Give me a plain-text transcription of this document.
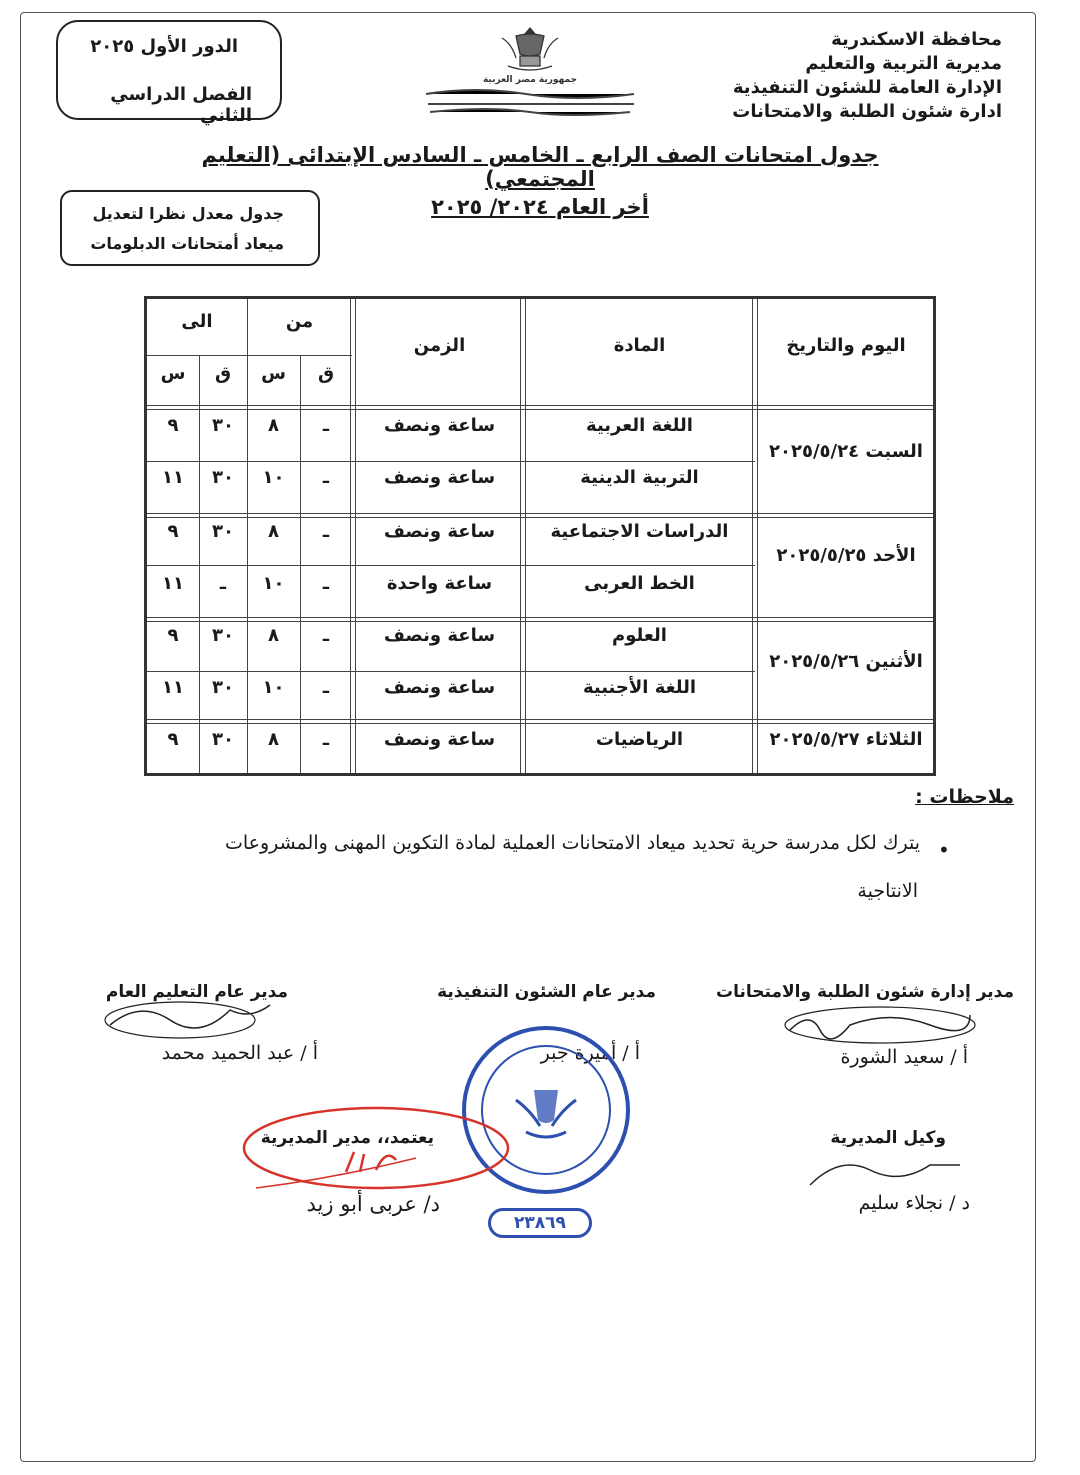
محافظة الاسكندرية
مديرية التربية والتعليم
الإدارة العامة للشئون التنفيذية
ادارة شئون الطلبة والامتحانات
جمهورية مصر العربية
الدور الأول ٢٠٢٥
الفصل الدراسي الثاني
جدول امتحانات الصف الرابع ـ الخامس ـ السادس الإبتدائى (التعليم المجتمعي)
أخر العام ٢٠٢٤/ ٢٠٢٥
جدول معدل نظرا لتعديل
ميعاد أمتحانات الدبلومات
اليوم والتاريخ
المادة
الزمن
من
الى
ق
س
ق
س
السبت ٢٠٢٥/٥/٢٤
الأحد ٢٠٢٥/٥/٢٥
الأثنين ٢٠٢٥/٥/٢٦
الثلاثاء ٢٠٢٥/٥/٢٧
اللغة العربية
ساعة ونصف
ـ
٨
٣٠
٩
التربية الدينية
ساعة ونصف
ـ
١٠
٣٠
١١
الدراسات الاجتماعية
ساعة ونصف
ـ
٨
٣٠
٩
الخط العربى
ساعة واحدة
ـ
١٠
ـ
١١
العلوم
ساعة ونصف
ـ
٨
٣٠
٩
اللغة الأجنبية
ساعة ونصف
ـ
١٠
٣٠
١١
الرياضيات
ساعة ونصف
ـ
٨
٣٠
٩
ملاحظات :
•
يترك لكل مدرسة حرية تحديد ميعاد الامتحانات العملية لمادة التكوين المهنى والمشروعات
الانتاجية
مدير إدارة شئون الطلبة والامتحانات
أ / سعيد الشورة
مدير عام الشئون التنفيذية
أ / أميرة جبر
مدير عام التعليم العام
أ / عبد الحميد محمد
٢٣٨٦٩
وكيل المديرية
د / نجلاء سليم
يعتمد،، مدير المديرية
د/ عربى أبو زيد
